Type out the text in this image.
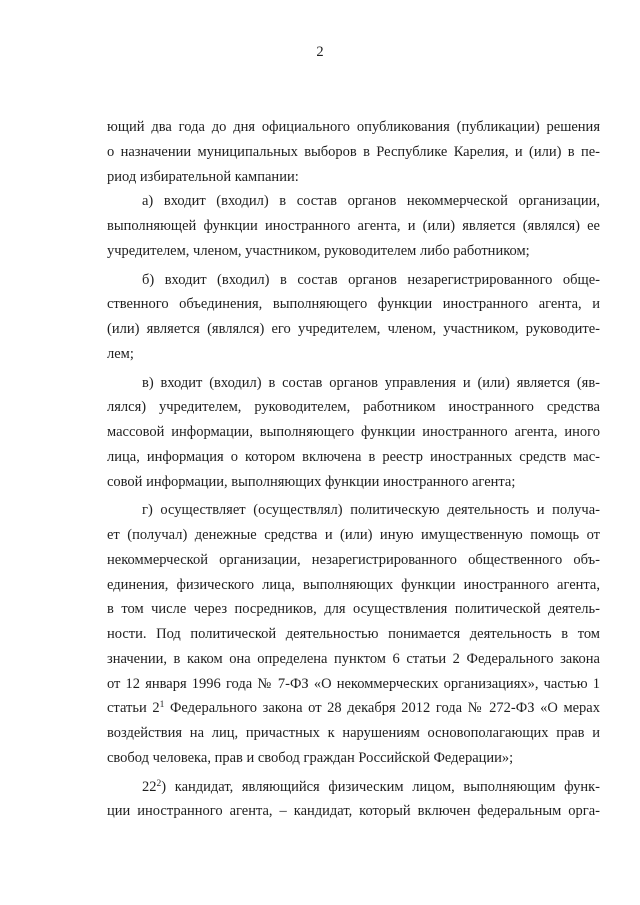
2
ющий два года до дня официального опубликования (публикации) решения
о назначении муниципальных выборов в Республике Карелия, и (или) в пе-
риод избирательной кампании:
а) входит (входил) в состав органов некоммерческой организации,
выполняющей функции иностранного агента, и (или) является (являлся) ее
учредителем, членом, участником, руководителем либо работником;
б) входит (входил) в состав органов незарегистрированного обще-
ственного объединения, выполняющего функции иностранного агента, и
(или) является (являлся) его учредителем, членом, участником, руководите-
лем;
в) входит (входил) в состав органов управления и (или) является (яв-
лялся) учредителем, руководителем, работником иностранного средства
массовой информации, выполняющего функции иностранного агента, иного
лица, информация о котором включена в реестр иностранных средств мас-
совой информации, выполняющих функции иностранного агента;
г) осуществляет (осуществлял) политическую деятельность и получа-
ет (получал) денежные средства и (или) иную имущественную помощь от
некоммерческой организации, незарегистрированного общественного объ-
единения, физического лица, выполняющих функции иностранного агента,
в том числе через посредников, для осуществления политической деятель-
ности. Под политической деятельностью понимается деятельность в том
значении, в каком она определена пунктом 6 статьи 2 Федерального закона
от 12 января 1996 года № 7-ФЗ «О некоммерческих организациях», частью 1
статьи $2^1$ Федерального закона от 28 декабря 2012 года № 272-ФЗ «О мерах
воздействия на лиц, причастных к нарушениям основополагающих прав и
свобод человека, прав и свобод граждан Российской Федерации»;
$22^2$) кандидат, являющийся физическим лицом, выполняющим функ-
ции иностранного агента, – кандидат, который включен федеральным орга-
